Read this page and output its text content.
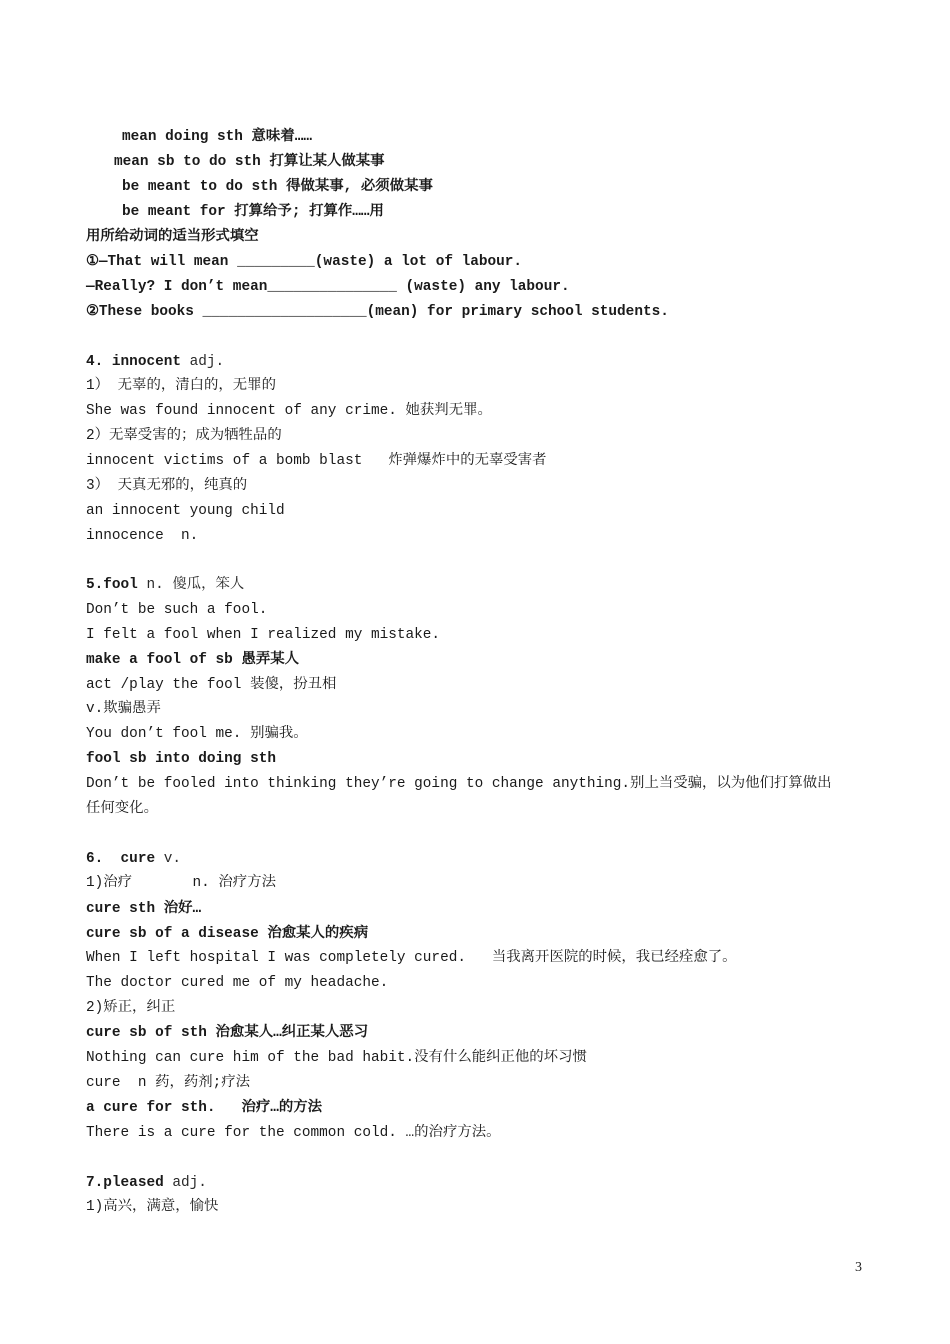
mean doing sth 意味着……
mean sb to do sth 打算让某人做某事
be meant to do sth 得做某事, 必须做某事
be meant for 打算给予; 打算作……用
用所给动词的适当形式填空
①—That will mean _________(waste) a lot of labour.
—Really? I don’t mean_______________ (waste) any labour.
②These books ___________________(mean) for primary school students.
4. innocent adj.
1） 无辜的，清白的，无罪的
She was found innocent of any crime. 她获判无罪。
2）无辜受害的；成为牺牲品的
innocent victims of a bomb blast   炸弹爆炸中的无辜受害者
3） 天真无邪的，纯真的
an innocent young child
innocence  n.
5.fool n. 傻瓜，笨人
Don’t be such a fool.
I felt a fool when I realized my mistake.
make a fool of sb 愚弄某人
act /play the fool 装傻，扮丑相
v.欺骗愚弄
You don’t fool me. 别骗我。
fool sb into doing sth
Don’t be fooled into thinking they’re going to change anything.别上当受骗，以为他们打算做出
任何变化。
6.  cure v.
1)治疗       n. 治疗方法
cure sth 治好…
cure sb of a disease 治愈某人的疾病
When I left hospital I was completely cured.   当我离开医院的时候，我已经痊愈了。
The doctor cured me of my headache.
2)矫正，纠正
cure sb of sth 治愈某人…纠正某人恶习
Nothing can cure him of the bad habit.没有什么能纠正他的坏习惯
cure  n 药，药剂;疗法
a cure for sth.   治疗…的方法
There is a cure for the common cold. …的治疗方法。
7.pleased adj.
1)高兴，满意，愉快
3
